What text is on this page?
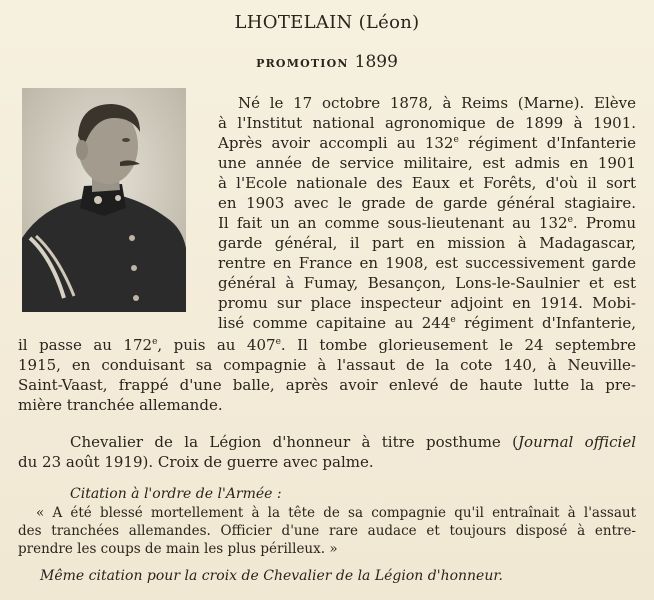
LHOTELAIN (Léon)
PROMOTION 1899
Né le 17 octobre 1878, à Reims (Marne). Elève
à l'Institut national agronomique de 1899 à 1901.
Après avoir accompli au 132e régiment d'Infanterie
une année de service militaire, est admis en 1901
à l'Ecole nationale des Eaux et Forêts, d'où il sort
en 1903 avec le grade de garde général stagiaire.
Il fait un an comme sous-lieutenant au 132e. Promu
garde général, il part en mission à Madagascar,
rentre en France en 1908, est successivement garde
général à Fumay, Besançon, Lons-le-Saulnier et est
promu sur place inspecteur adjoint en 1914. Mobi-
lisé comme capitaine au 244e régiment d'Infanterie,
il passe au 172e, puis au 407e. Il tombe glorieusement le 24 septembre
1915, en conduisant sa compagnie à l'assaut de la cote 140, à Neuville-
Saint-Vaast, frappé d'une balle, après avoir enlevé de haute lutte la pre-
mière tranchée allemande.
Chevalier de la Légion d'honneur à titre posthume (Journal officiel
du 23 août 1919). Croix de guerre avec palme.
Citation à l'ordre de l'Armée :
« A été blessé mortellement à la tête de sa compagnie qu'il entraînait à l'assaut
des tranchées allemandes. Officier d'une rare audace et toujours disposé à entre-
prendre les coups de main les plus périlleux. »
Même citation pour la croix de Chevalier de la Légion d'honneur.
